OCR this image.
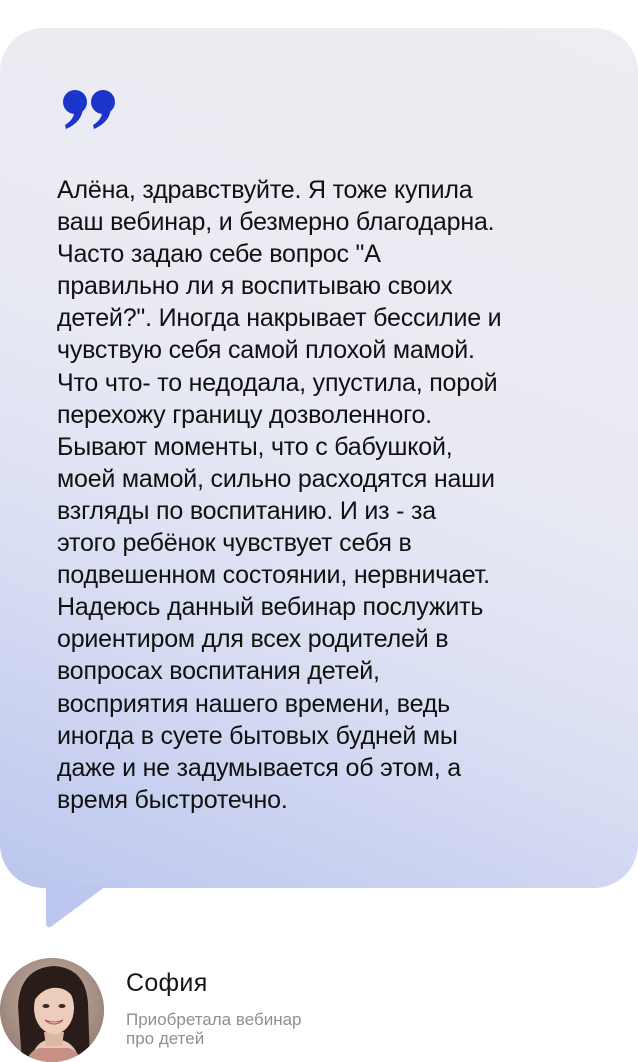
Алёна, здравствуйте. Я тоже купила
ваш вебинар, и безмерно благодарна.
Часто задаю себе вопрос "А
правильно ли я воспитываю своих
детей?". Иногда накрывает бессилие и
чувствую себя самой плохой мамой.
Что что- то недодала, упустила, порой
перехожу границу дозволенного.
Бывают моменты, что с бабушкой,
моей мамой, сильно расходятся наши
взгляды по воспитанию. И из - за
этого ребёнок чувствует себя в
подвешенном состоянии, нервничает.
Надеюсь данный вебинар послужить
ориентиром для всех родителей в
вопросах воспитания детей,
восприятия нашего времени, ведь
иногда в суете бытовых будней мы
даже и не задумывается об этом, а
время быстротечно.

София
Приобретала вебинар
про детей
